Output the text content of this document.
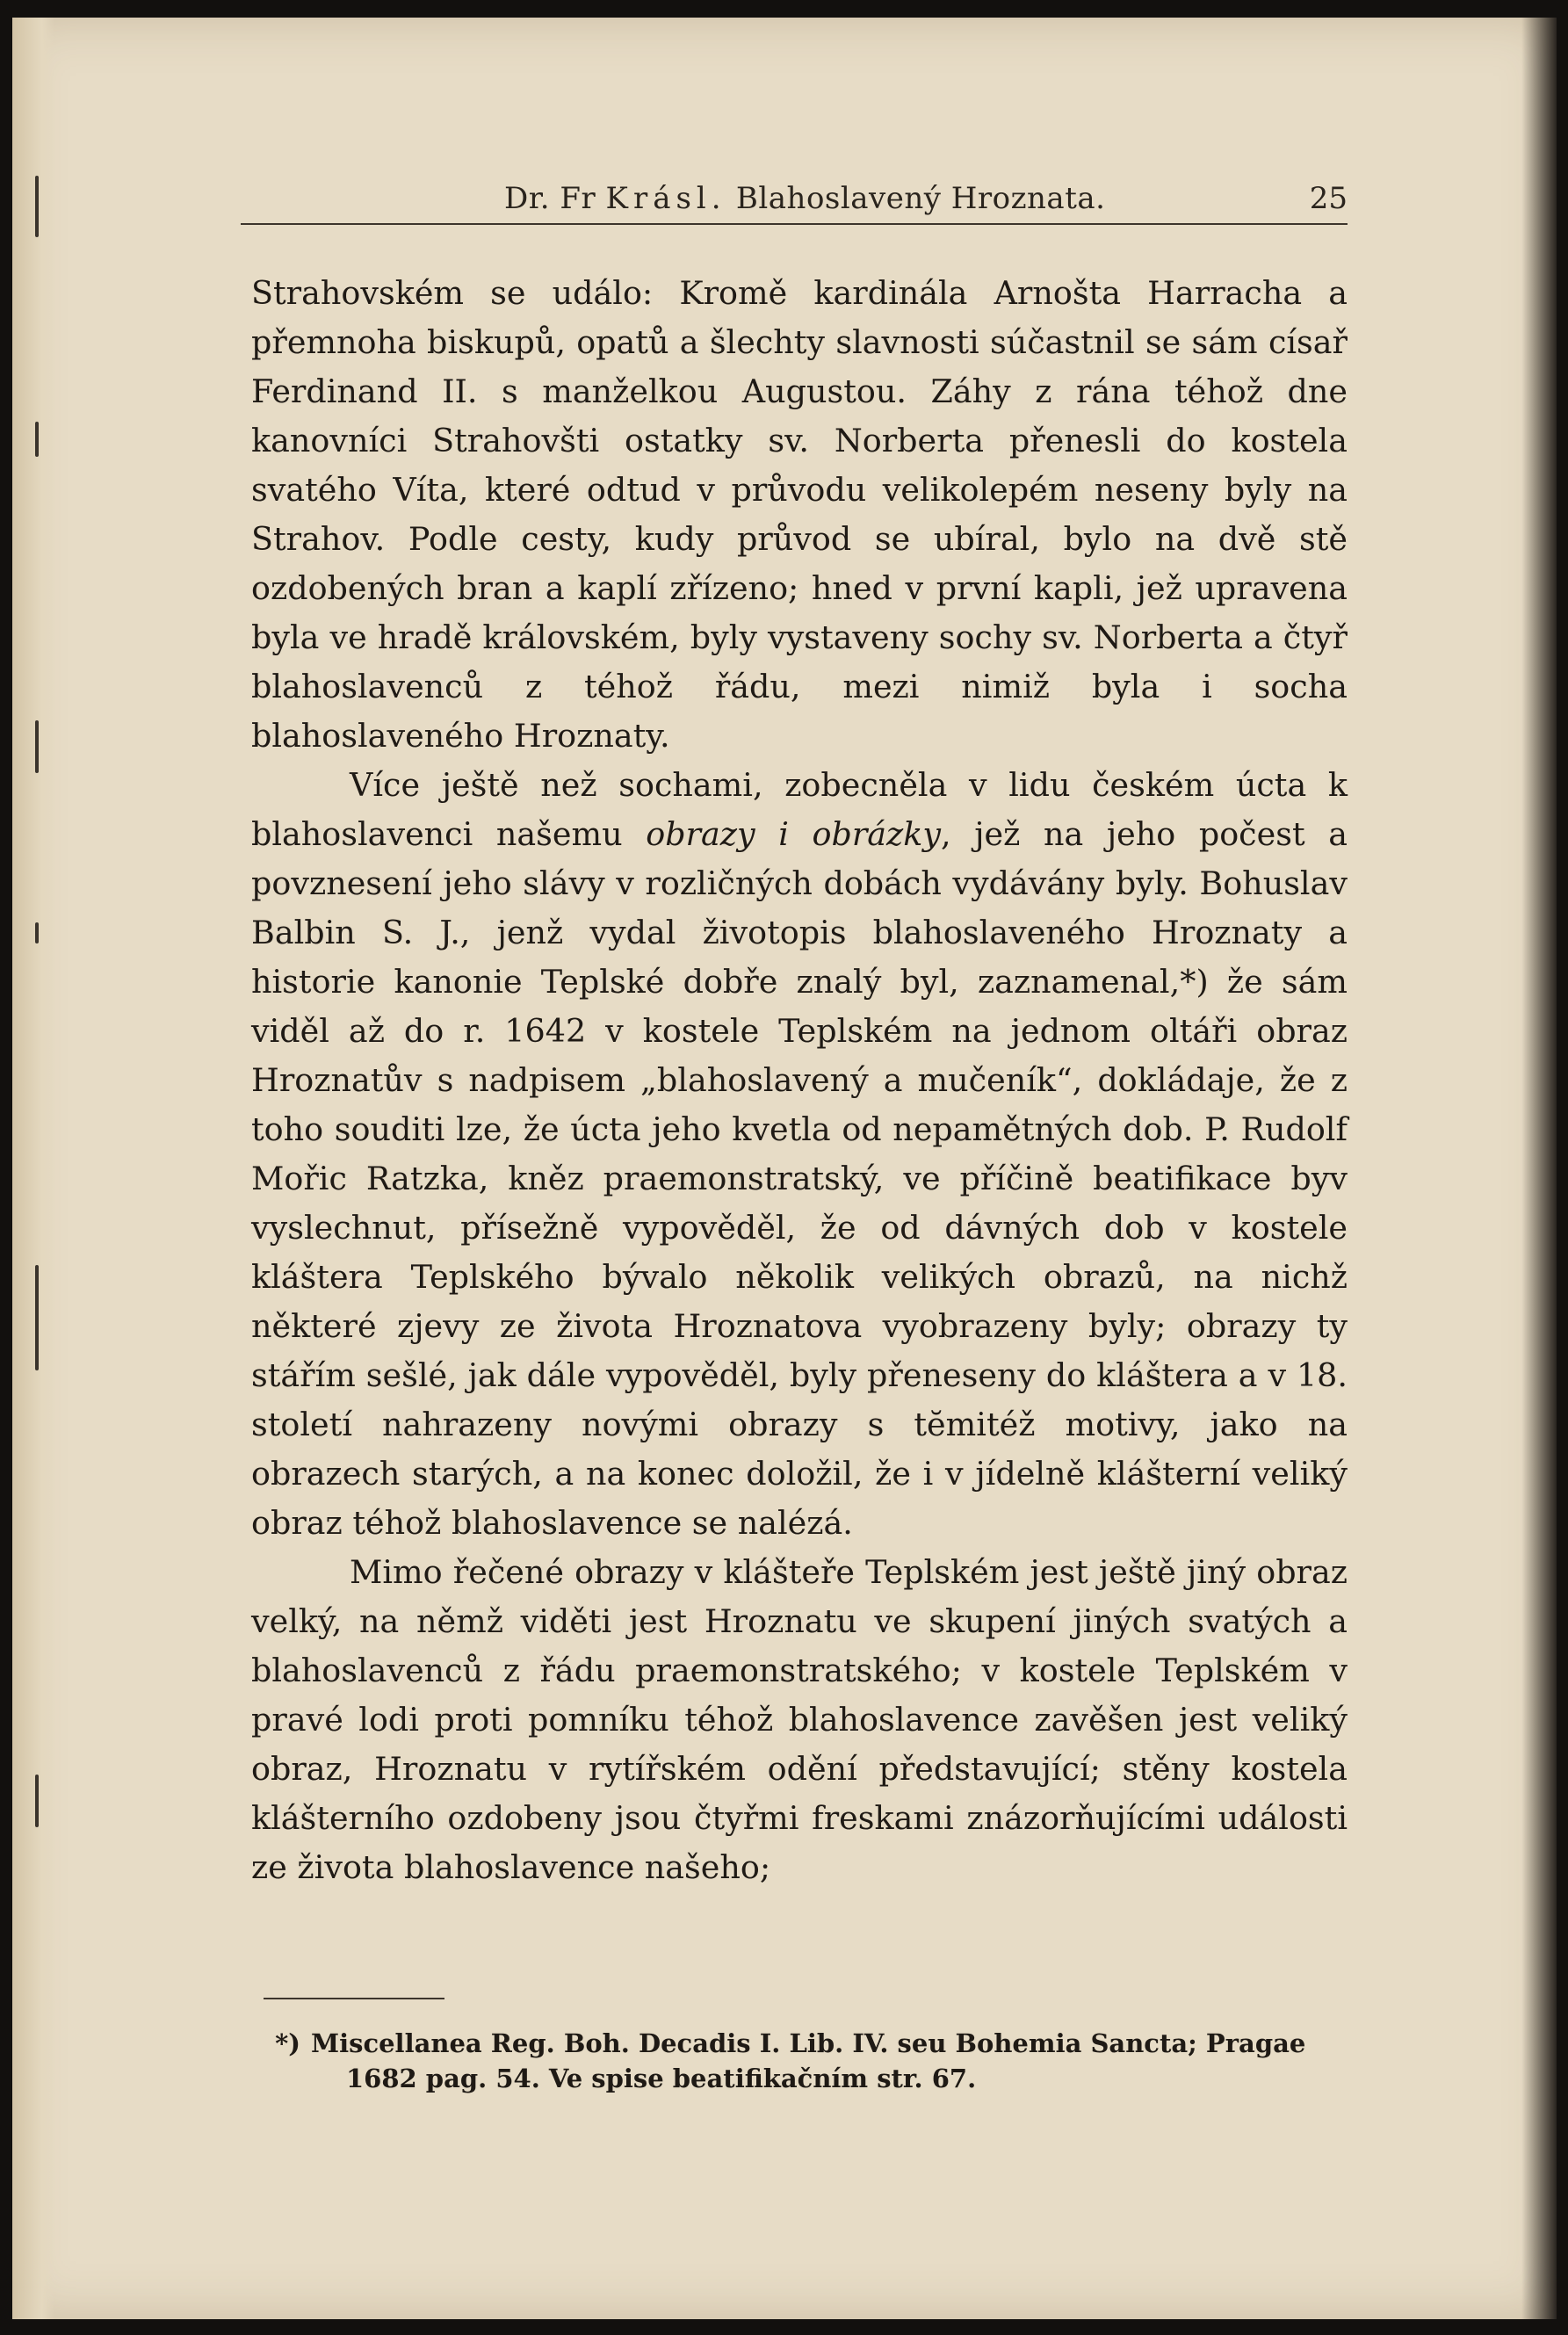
Dr. Fr Krásl. Blahoslavený Hroznata.	25

Strahovském se událo: Kromě kardinála Arnošta Harracha a přemnoha biskupů, opatů a šlechty slavnosti súčastnil se sám císař Ferdinand II. s manželkou Augustou. Záhy z rána téhož dne kanovníci Strahovšti ostatky sv. Norberta přenesli do kostela svatého Víta, které odtud v průvodu velikolepém neseny byly na Strahov. Podle cesty, kudy průvod se ubíral, bylo na dvě stě ozdobených bran a kaplí zřízeno; hned v první kapli, jež upravena byla ve hradě královském, byly vystaveny sochy sv. Norberta a čtyř blahoslavenců z téhož řádu, mezi nimiž byla i socha blahoslaveného Hroznaty.

Více ještě než sochami, zobecněla v lidu českém úcta k blahoslavenci našemu obrazy i obrázky, jež na jeho počest a povznesení jeho slávy v rozličných dobách vydávány byly. Bohuslav Balbin S. J., jenž vydal životopis blahoslaveného Hroznaty a historie kanonie Teplské dobře znalý byl, zaznamenal,*) že sám viděl až do r. 1642 v kostele Teplském na jednom oltáři obraz Hroznatův s nadpisem „blahoslavený a mučeník“, dokládaje, že z toho souditi lze, že úcta jeho kvetla od nepamětných dob. P. Rudolf Mořic Ratzka, kněz praemonstratský, ve příčině beatifikace byv vyslechnut, přísežně vypověděl, že od dávných dob v kostele kláštera Teplského bývalo několik velikých obrazů, na nichž některé zjevy ze života Hroznatova vyobrazeny byly; obrazy ty stářím sešlé, jak dále vypověděl, byly přeneseny do kláštera a v 18. století nahrazeny novými obrazy s tĕmitéž motivy, jako na obrazech starých, a na konec doložil, že i v jídelně klášterní veliký obraz téhož blahoslavence se nalézá.

Mimo řečené obrazy v klášteře Teplském jest ještě jiný obraz velký, na němž viděti jest Hroznatu ve skupení jiných svatých a blahoslavenců z řádu praemonstratského; v kostele Teplském v pravé lodi proti pomníku téhož blahoslavence zavěšen jest veliký obraz, Hroznatu v rytířském odění představující; stěny kostela klášterního ozdobeny jsou čtyřmi freskami znázorňujícími události ze života blahoslavence našeho;

*) Miscellanea Reg. Boh. Decadis I. Lib. IV. seu Bohemia Sancta; Pragae
1682 pag. 54. Ve spise beatifikačním str. 67.
